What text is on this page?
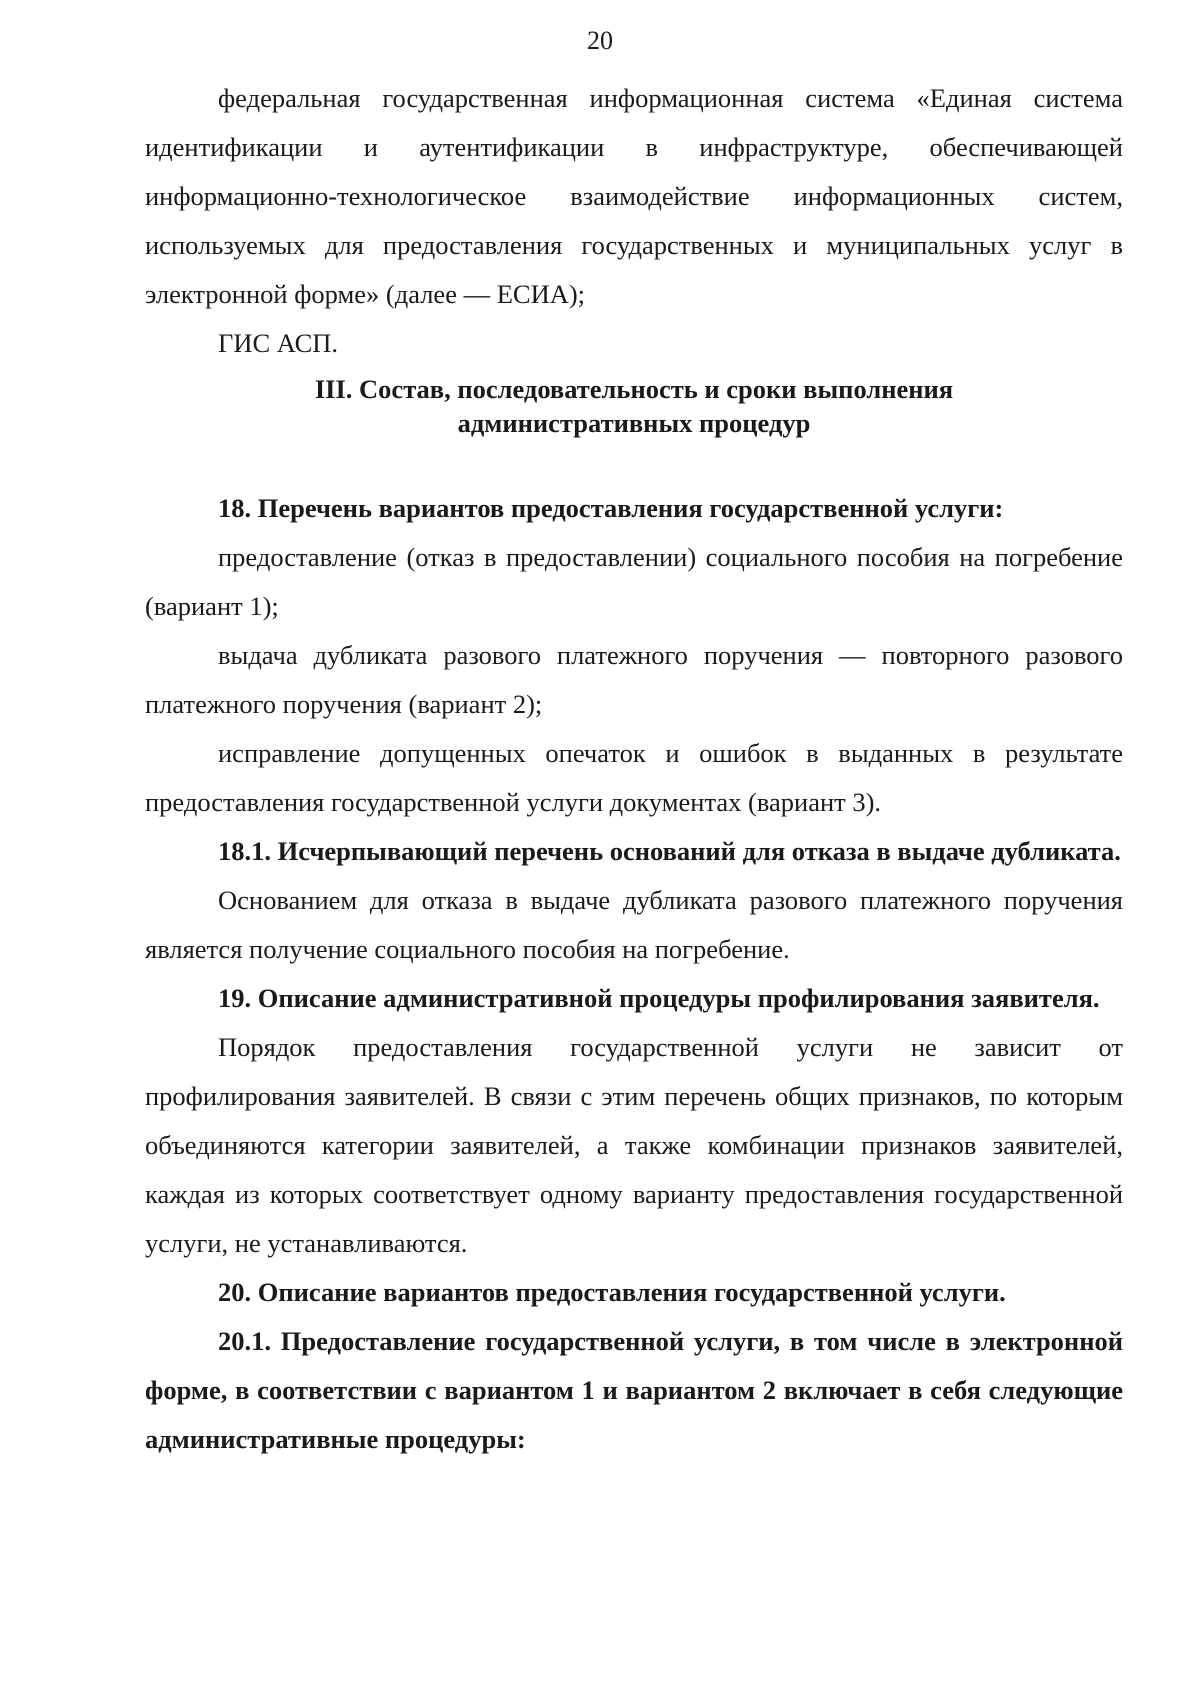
20

федеральная государственная информационная система «Единая система идентификации и аутентификации в инфраструктуре, обеспечивающей информационно-технологическое взаимодействие информационных систем, используемых для предоставления государственных и муниципальных услуг в электронной форме» (далее — ЕСИА);

ГИС АСП.

III. Состав, последовательность и сроки выполнения
административных процедур

18. Перечень вариантов предоставления государственной услуги:

предоставление (отказ в предоставлении) социального пособия на погребение (вариант 1);

выдача дубликата разового платежного поручения — повторного разового платежного поручения (вариант 2);

исправление допущенных опечаток и ошибок в выданных в результате предоставления государственной услуги документах (вариант 3).

18.1. Исчерпывающий перечень оснований для отказа в выдаче дубликата.

Основанием для отказа в выдаче дубликата разового платежного поручения является получение социального пособия на погребение.

19. Описание административной процедуры профилирования заявителя.

Порядок предоставления государственной услуги не зависит от профилирования заявителей. В связи с этим перечень общих признаков, по которым объединяются категории заявителей, а также комбинации признаков заявителей, каждая из которых соответствует одному варианту предоставления государственной услуги, не устанавливаются.

20. Описание вариантов предоставления государственной услуги.

20.1. Предоставление государственной услуги, в том числе в электронной форме, в соответствии с вариантом 1 и вариантом 2 включает в себя следующие административные процедуры:
